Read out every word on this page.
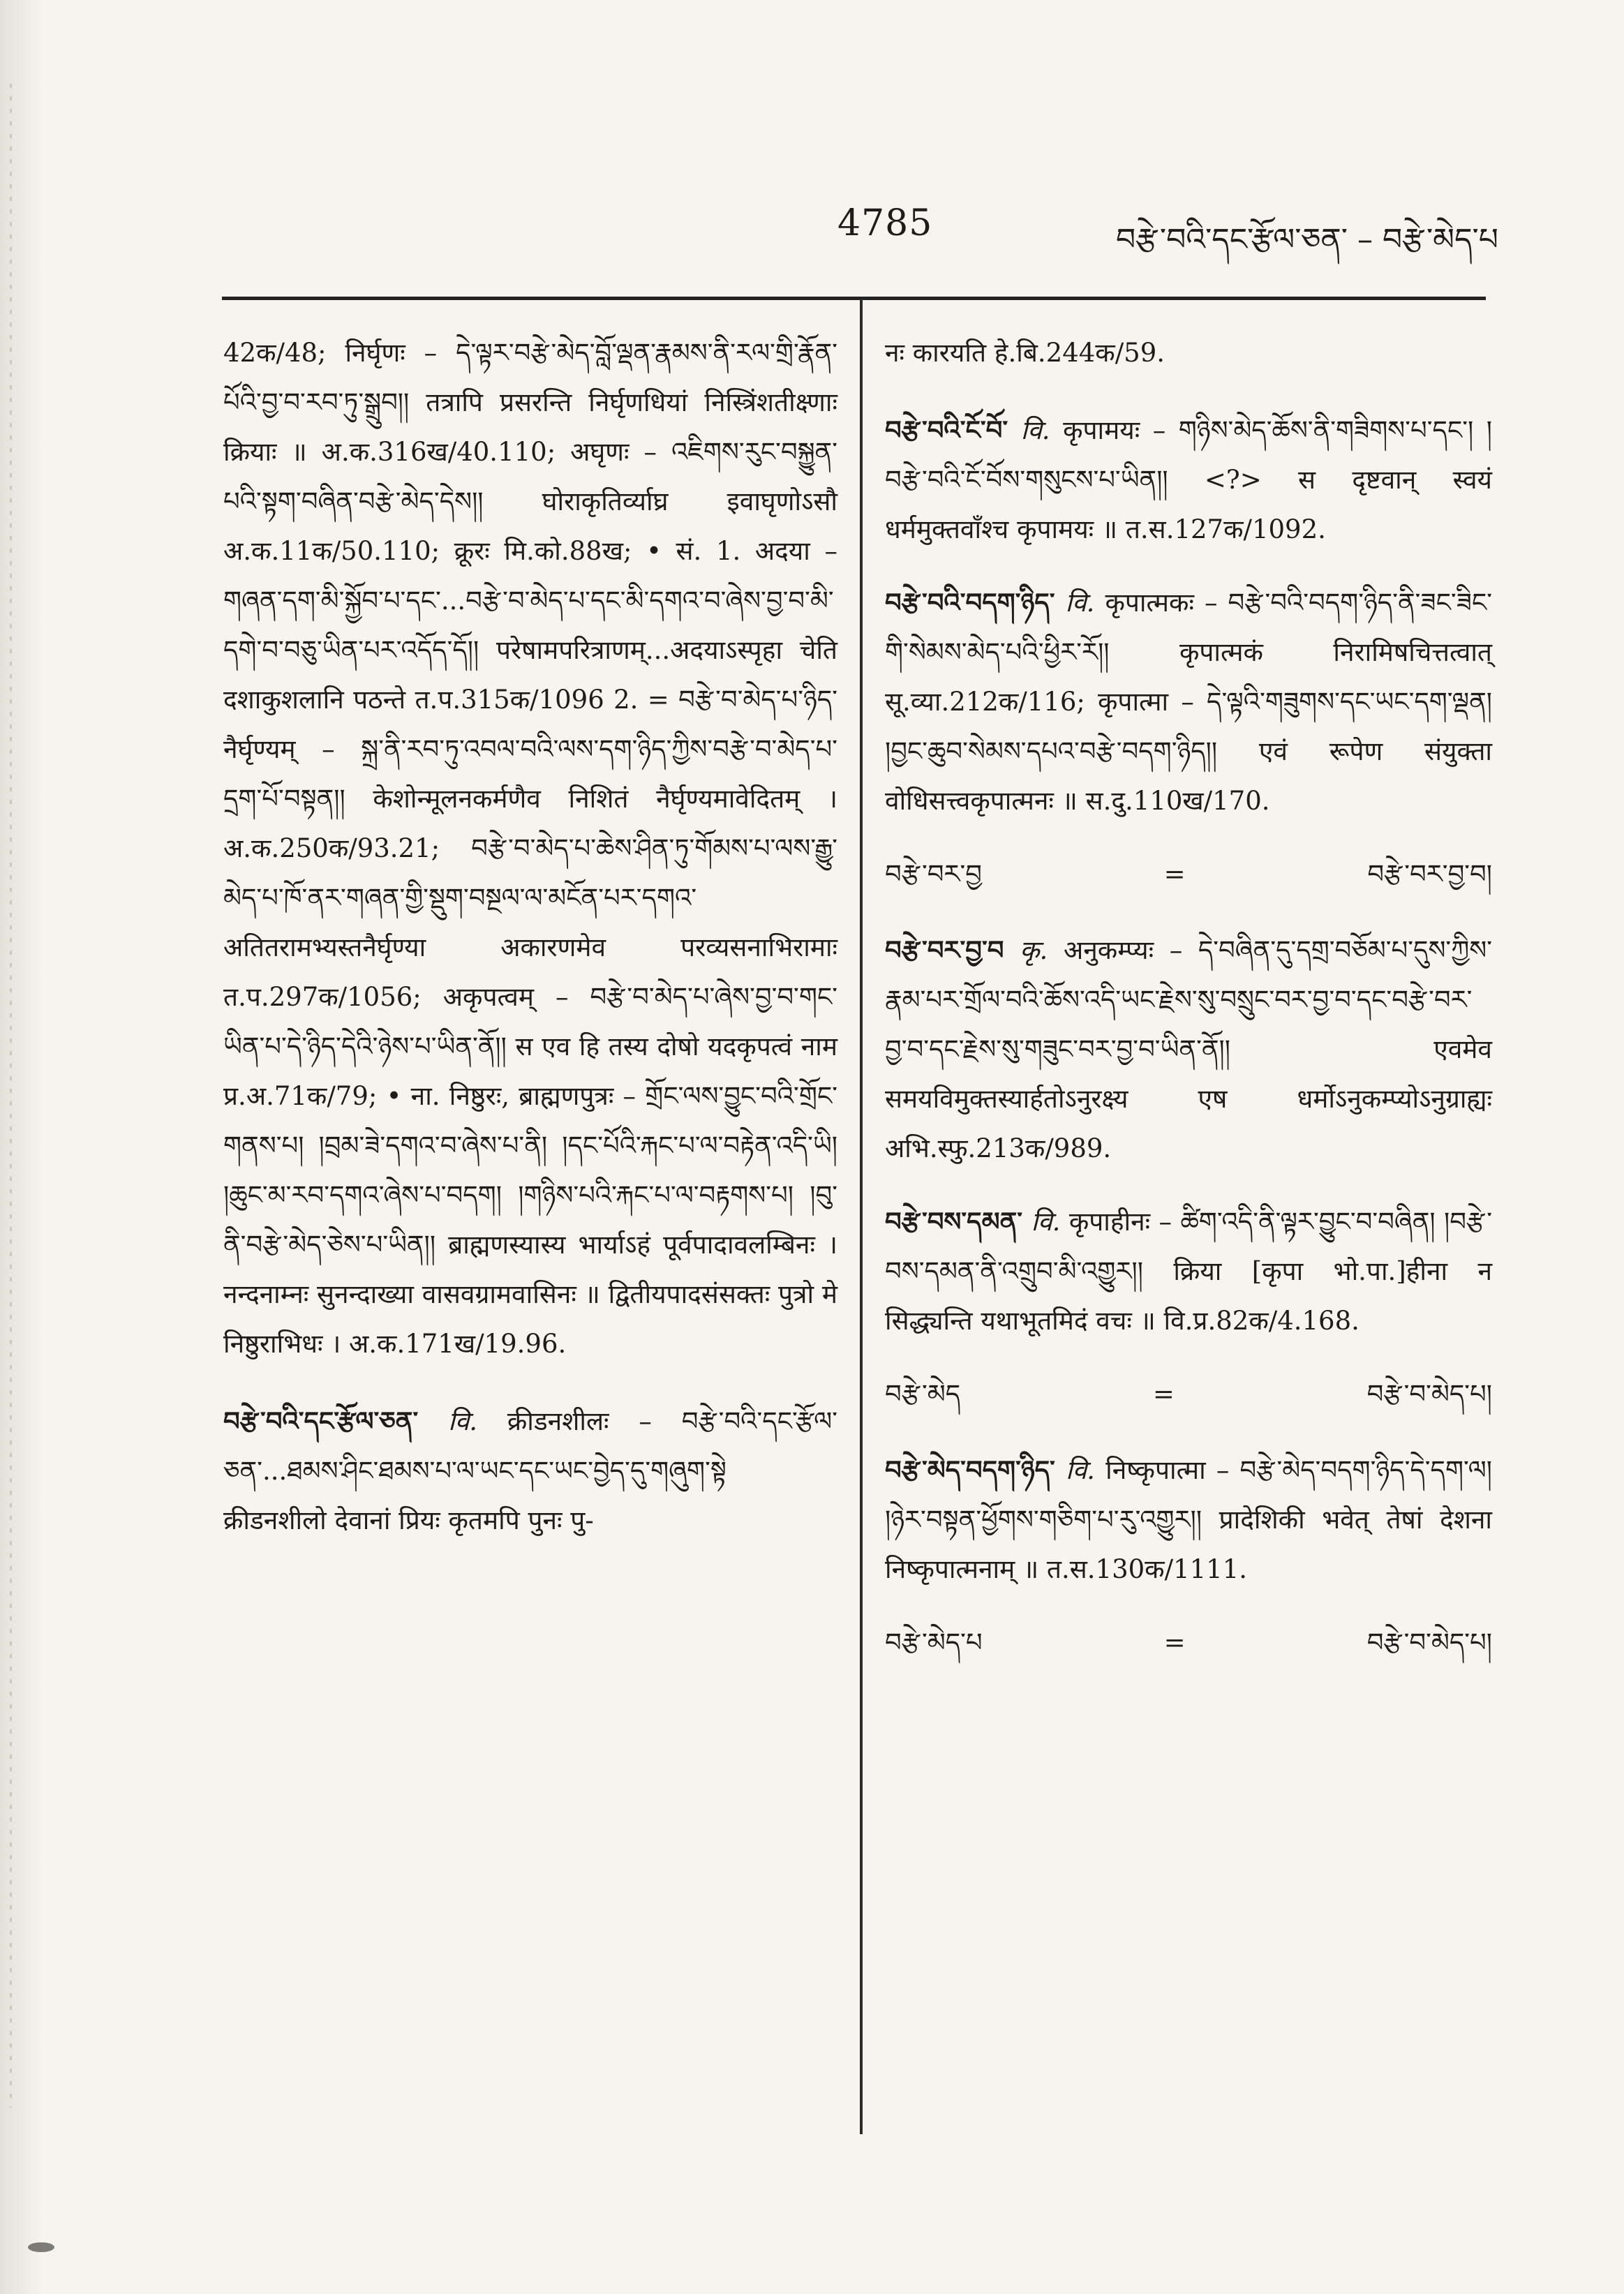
4785	བརྩེ་བའི་དང་རྩོལ་ཅན་ – བརྩེ་མེད་པ

42क/48; निर्घृणः – དེ་ལྟར་བརྩེ་མེད་བློ་ལྡན་རྣམས་ནི་རལ་གྲི་རྣོན་པོའི་བྱ་བ་རབ་ཏུ་སྒྲུབ།། तत्रापि प्रसरन्ति निर्घृणधियां निस्त्रिंशतीक्ष्णाः क्रियाः ॥ अ.क.316ख/40.110; अघृणः – འཇིགས་རུང་བསྐྱུན་པའི་སྟག་བཞིན་བརྩེ་མེད་དེས།། घोराकृतिर्व्याघ्र इवाघृणोऽसौ अ.क.11क/50.110; क्रूरः मि.को.88ख; • सं. 1. अदया – གཞན་དག་མི་སྐྱོབ་པ་དང་...བརྩེ་བ་མེད་པ་དང་མི་དགའ་བ་ཞེས་བྱ་བ་མི་དགེ་བ་བཅུ་ཡིན་པར་འདོད་དོ།། परेषामपरित्राणम्...अदयाऽस्पृहा चेति दशाकुशलानि पठन्ते त.प.315क/1096 2. = བརྩེ་བ་མེད་པ་ཉིད་ नैर्घृण्यम् – སྐྲ་ནི་རབ་ཏུ་འབལ་བའི་ལས་དག་ཉིད་ཀྱིས་བརྩེ་བ་མེད་པ་དྲག་པོ་བསྟན།། केशोन्मूलनकर्मणैव निशितं नैर्घृण्यमावेदितम् । अ.क.250क/93.21; བརྩེ་བ་མེད་པ་ཆེས་ཤིན་ཏུ་གོམས་པ་ལས་རྒྱུ་མེད་པ་ཁོ་ནར་གཞན་གྱི་སྡུག་བསྔལ་ལ་མངོན་པར་དགའ་ अतितरामभ्यस्तनैर्घृण्या अकारणमेव परव्यसनाभिरामाः त.प.297क/1056; अकृपत्वम् – བརྩེ་བ་མེད་པ་ཞེས་བྱ་བ་གང་ཡིན་པ་དེ་ཉིད་དེའི་ཉེས་པ་ཡིན་ནོ།། स एव हि तस्य दोषो यदकृपत्वं नाम प्र.अ.71क/79; • ना. निष्ठुरः, ब्राह्मणपुत्रः – གྲོང་ལས་བྱུང་བའི་གྲོང་གནས་པ། །བྲམ་ཟེ་དགའ་བ་ཞེས་པ་ནི། །དང་པོའི་རྐང་པ་ལ་བརྟེན་འདི་ཡི། །ཆུང་མ་རབ་དགའ་ཞེས་པ་བདག། །གཉིས་པའི་རྐང་པ་ལ་བརྟགས་པ། །བུ་ནི་བརྩེ་མེད་ཅེས་པ་ཡིན།། ब्राह्मणस्यास्य भार्याऽहं पूर्वपादावलम्बिनः । नन्दनाम्नः सुनन्दाख्या वासवग्रामवासिनः ॥ द्वितीयपादसंसक्तः पुत्रो मे निष्ठुराभिधः । अ.क.171ख/19.96.

བརྩེ་བའི་དང་རྩོལ་ཅན་ वि. क्रीडनशीलः – བརྩེ་བའི་དང་རྩོལ་ཅན་...ཐམས་ཤིང་ཐམས་པ་ལ་ཡང་དང་ཡང་བྱེད་དུ་གཞུག་སྟེ क्रीडनशीलो देवानां प्रियः कृतमपि पुनः पु-

नः कारयति हे.बि.244क/59.

བརྩེ་བའི་ངོ་བོ་ वि. कृपामयः – གཉིས་མེད་ཆོས་ནི་གཟིགས་པ་དང་། །བརྩེ་བའི་ངོ་བོས་གསུངས་པ་ཡིན།། <?> स दृष्टवान् स्वयं धर्ममुक्तवाँश्च कृपामयः ॥ त.स.127क/1092.

བརྩེ་བའི་བདག་ཉིད་ वि. कृपात्मकः – བརྩེ་བའི་བདག་ཉིད་ནི་ཟང་ཟིང་གི་སེམས་མེད་པའི་ཕྱིར་རོ།། कृपात्मकं निरामिषचित्तत्वात् सू.व्या.212क/116; कृपात्मा – དེ་ལྟའི་གཟུགས་དང་ཡང་དག་ལྡན། །བྱང་ཆུབ་སེམས་དཔའ་བརྩེ་བདག་ཉིད།། एवं रूपेण संयुक्ता वोधिसत्त्वकृपात्मनः ॥ स.दु.110ख/170.

བརྩེ་བར་བྱ	=	བརྩེ་བར་བྱ་བ།

བརྩེ་བར་བྱ་བ कृ. अनुकम्प्यः – དེ་བཞིན་དུ་དགྲ་བཅོམ་པ་དུས་ཀྱིས་རྣམ་པར་གྲོལ་བའི་ཆོས་འདི་ཡང་རྗེས་སུ་བསྲུང་བར་བྱ་བ་དང་བརྩེ་བར་བྱ་བ་དང་རྗེས་སུ་གཟུང་བར་བྱ་བ་ཡིན་ནོ།། एवमेव समयविमुक्तस्यार्हतोऽनुरक्ष्य एष धर्मोऽनुकम्प्योऽनुग्राह्यः अभि.स्फु.213क/989.

བརྩེ་བས་དམན་ वि. कृपाहीनः – ཚིག་འདི་ནི་ལྟར་བྱུང་བ་བཞིན། །བརྩེ་བས་དམན་ནི་འགྲུབ་མི་འགྱུར།། क्रिया [कृपा भो.पा.]हीना न सिद्ध्यन्ति यथाभूतमिदं वचः ॥ वि.प्र.82क/4.168.

བརྩེ་མེད	=	བརྩེ་བ་མེད་པ།

བརྩེ་མེད་བདག་ཉིད་ वि. निष्कृपात्मा – བརྩེ་མེད་བདག་ཉིད་དེ་དག་ལ། །ཉེར་བསྟན་ཕྱོགས་གཅིག་པ་རུ་འགྱུར།། प्रादेशिकी भवेत् तेषां देशना निष्कृपात्मनाम् ॥ त.स.130क/1111.

བརྩེ་མེད་པ	=	བརྩེ་བ་མེད་པ།
